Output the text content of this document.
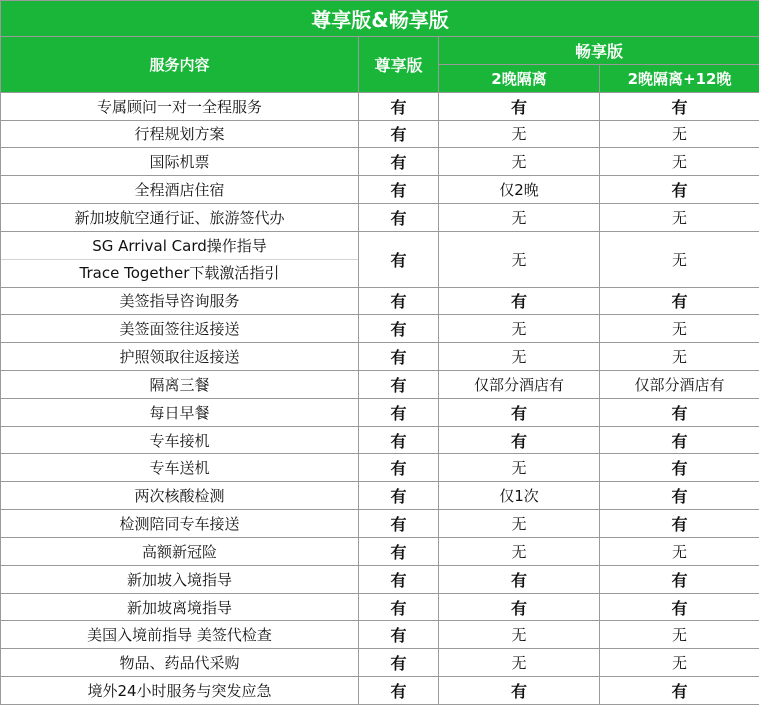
尊享版&畅享版			
服务内容	尊享版	畅享版	
		2晚隔离	2晚隔离+12晚
专属顾问一对一全程服务	有	有	有
行程规划方案	有	无	无
国际机票	有	无	无
全程酒店住宿	有	仅2晚	有
新加坡航空通行证、旅游签代办	有	无	无

SG Arrival Card操作指导
Trace Together下载激活指引	有	无	无
美签指导咨询服务	有	有	有
美签面签往返接送	有	无	无
护照领取往返接送	有	无	无
隔离三餐	有	仅部分酒店有	仅部分酒店有
每日早餐	有	有	有
专车接机	有	有	有
专车送机	有	无	有
两次核酸检测	有	仅1次	有
检测陪同专车接送	有	无	有
高额新冠险	有	无	无
新加坡入境指导	有	有	有
新加坡离境指导	有	有	有
美国入境前指导 美签代检查	有	无	无
物品、药品代采购	有	无	无
境外24小时服务与突发应急	有	有	有
